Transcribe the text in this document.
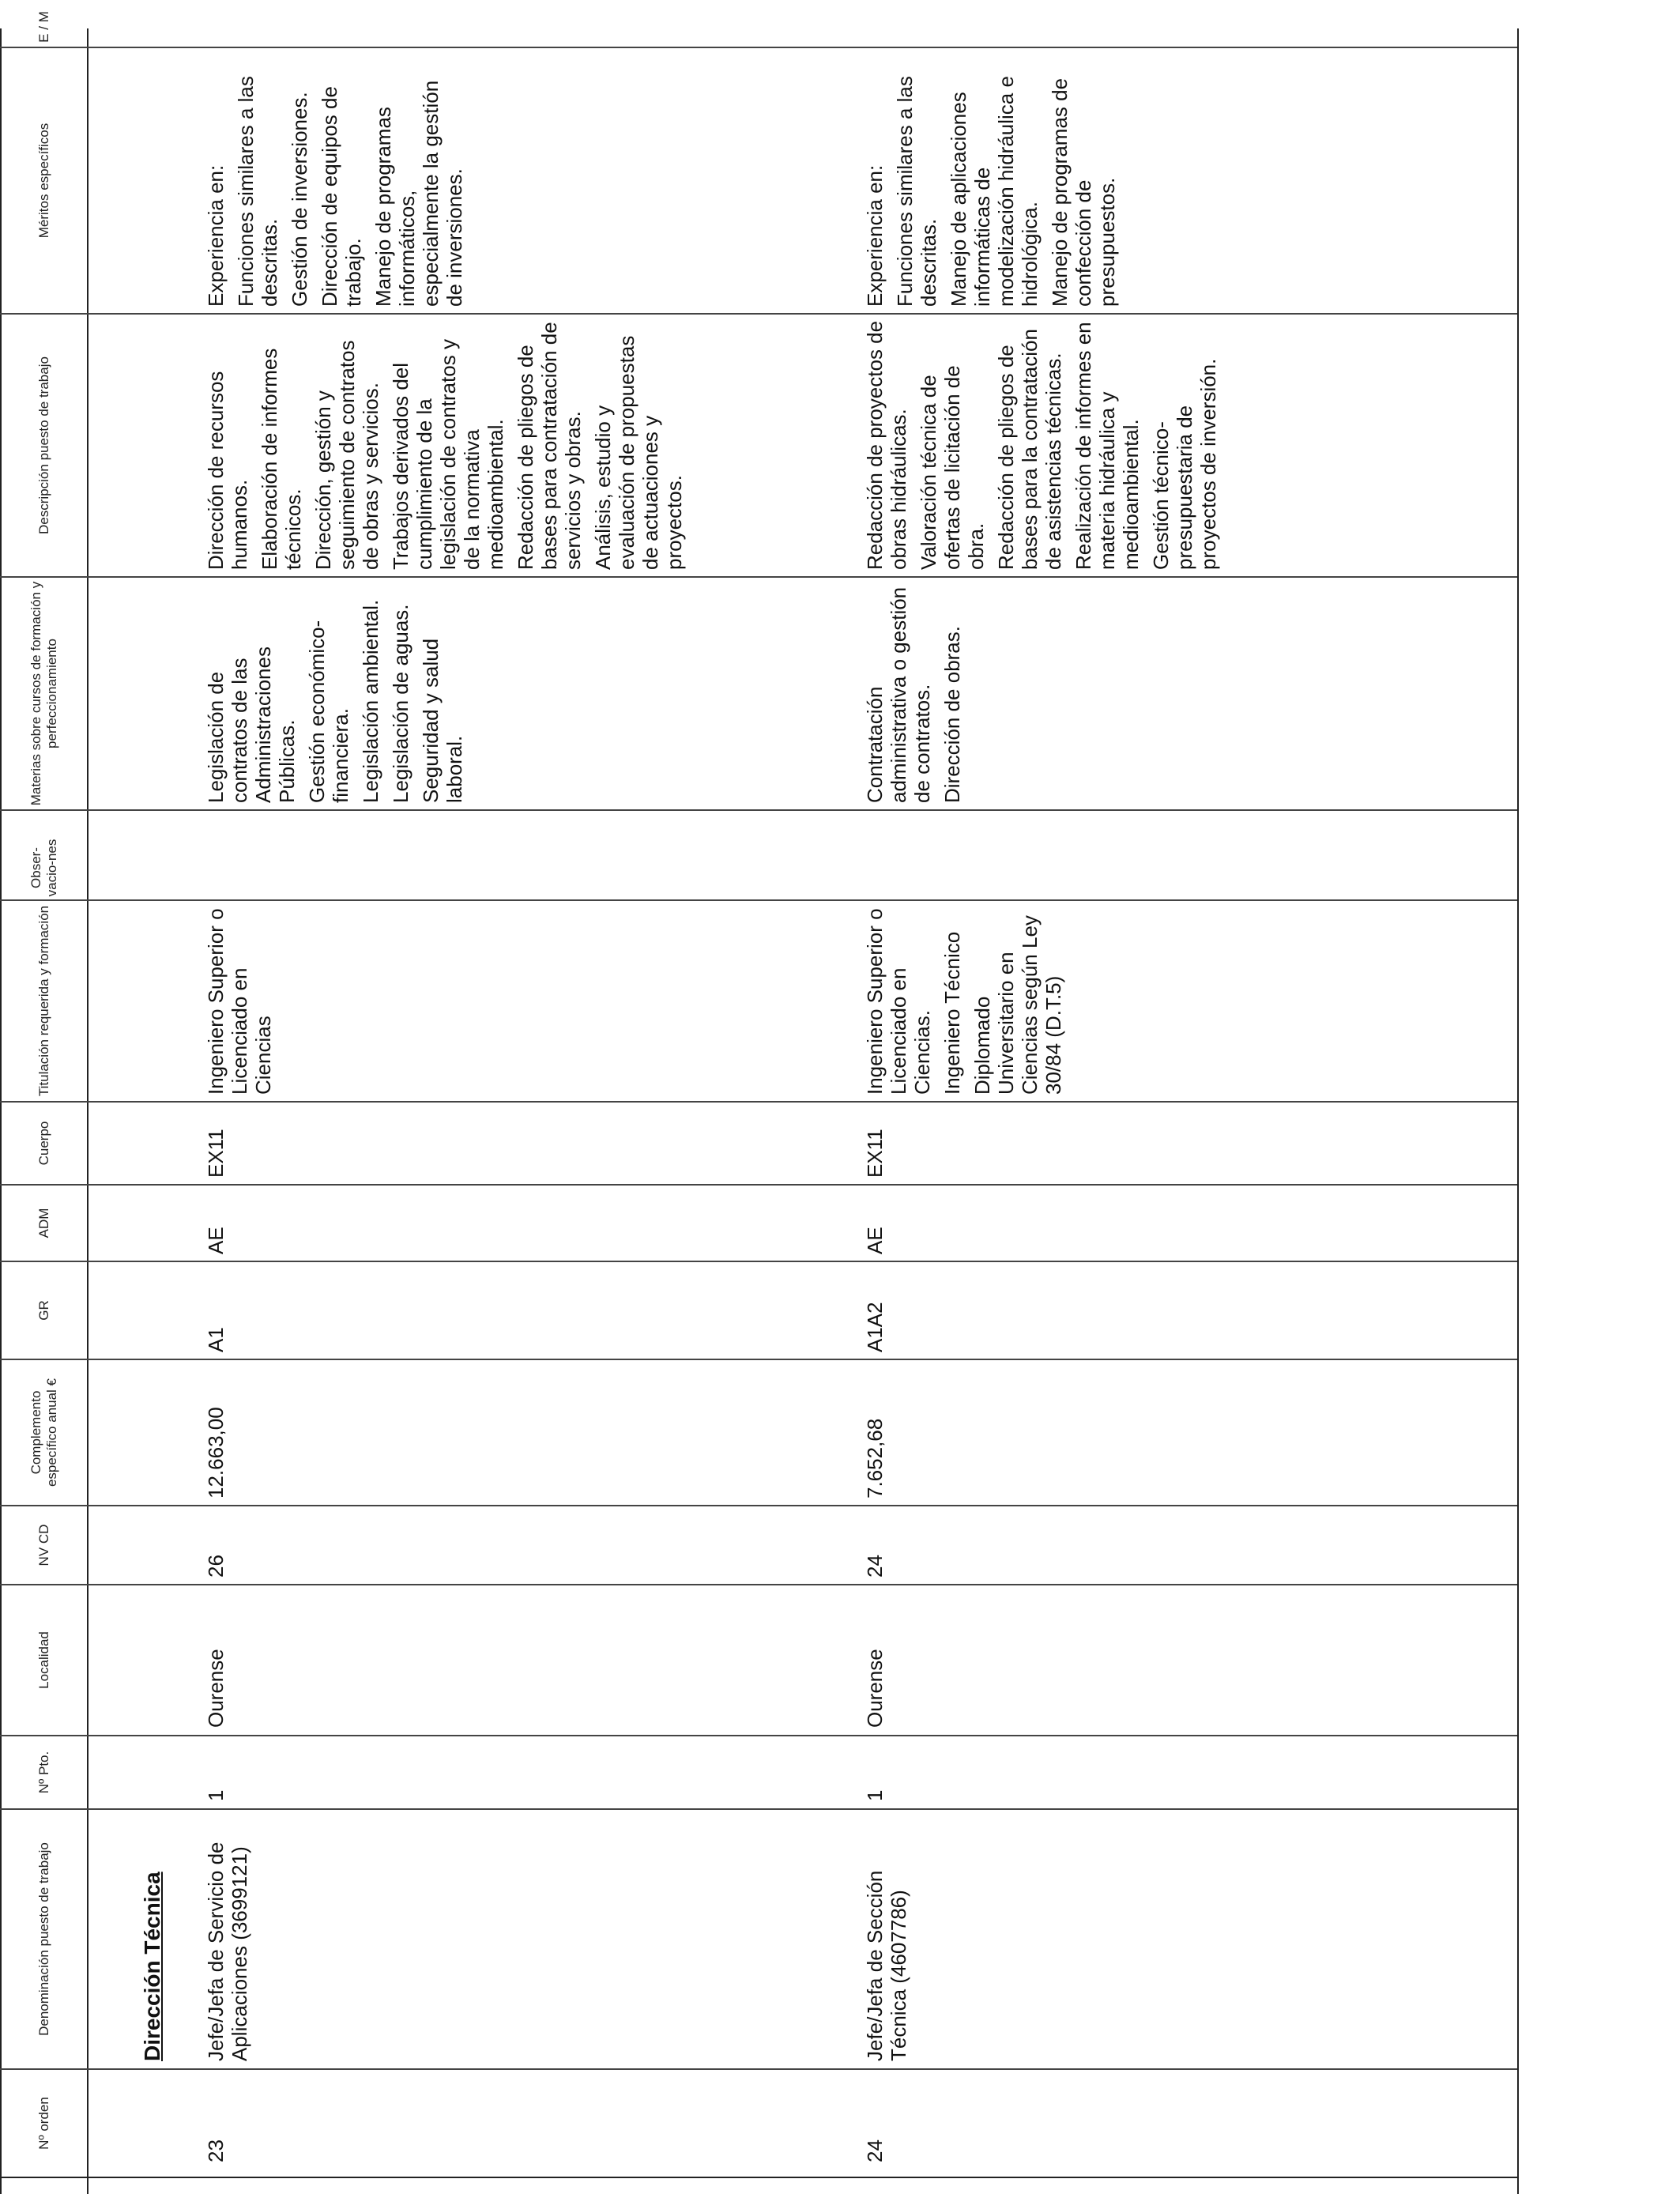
Nº orden
Denominación puesto de trabajo
Nº Pto.
Localidad
NV CD
Complemento específico anual €
GR
ADM
Cuerpo
Titulación requerida y formación
Obser-vacio-nes
Materias sobre cursos de formación y perfeccionamiento
Descripción puesto de trabajo
Méritos específicos
E / M
Dirección Técnica
23
Jefe/Jefa de Servicio de Aplicaciones (3699121)
1
Ourense
26
12.663,00
A1
AE
EX11

Ingeniero Superior o Licenciado en Ciencias

Legislación de contratos de las Administraciones Públicas. Gestión económico-financiera. Legislación ambiental. Legislación de aguas. Seguridad y salud laboral.

Dirección de recursos humanos. Elaboración de informes técnicos. Dirección, gestión y seguimiento de contratos de obras y servicios. Trabajos derivados del cumplimiento de la legislación de contratos y de la normativa medioambiental. Redacción de pliegos de bases para contratación de servicios y obras. Análisis, estudio y evaluación de propuestas de actuaciones y proyectos.

Experiencia en: Funciones similares a las descritas. Gestión de inversiones. Dirección de equipos de trabajo. Manejo de programas informáticos, especialmente la gestión de inversiones.

24
Jefe/Jefa de Sección Técnica (4607786)
1
Ourense
24
7.652,68
A1A2
AE
EX11

Ingeniero Superior o Licenciado en Ciencias. Ingeniero Técnico Diplomado Universitario en Ciencias según Ley 30/84 (D.T.5)

Contratación administrativa o gestión de contratos. Dirección de obras.

Redacción de proyectos de obras hidráulicas. Valoración técnica de ofertas de licitación de obra. Redacción de pliegos de bases para la contratación de asistencias técnicas. Realización de informes en materia hidráulica y medioambiental. Gestión técnico-presupuestaria de proyectos de inversión.

Experiencia en: Funciones similares a las descritas. Manejo de aplicaciones informáticas de modelización hidráulica e hidrológica. Manejo de programas de confección de presupuestos.
